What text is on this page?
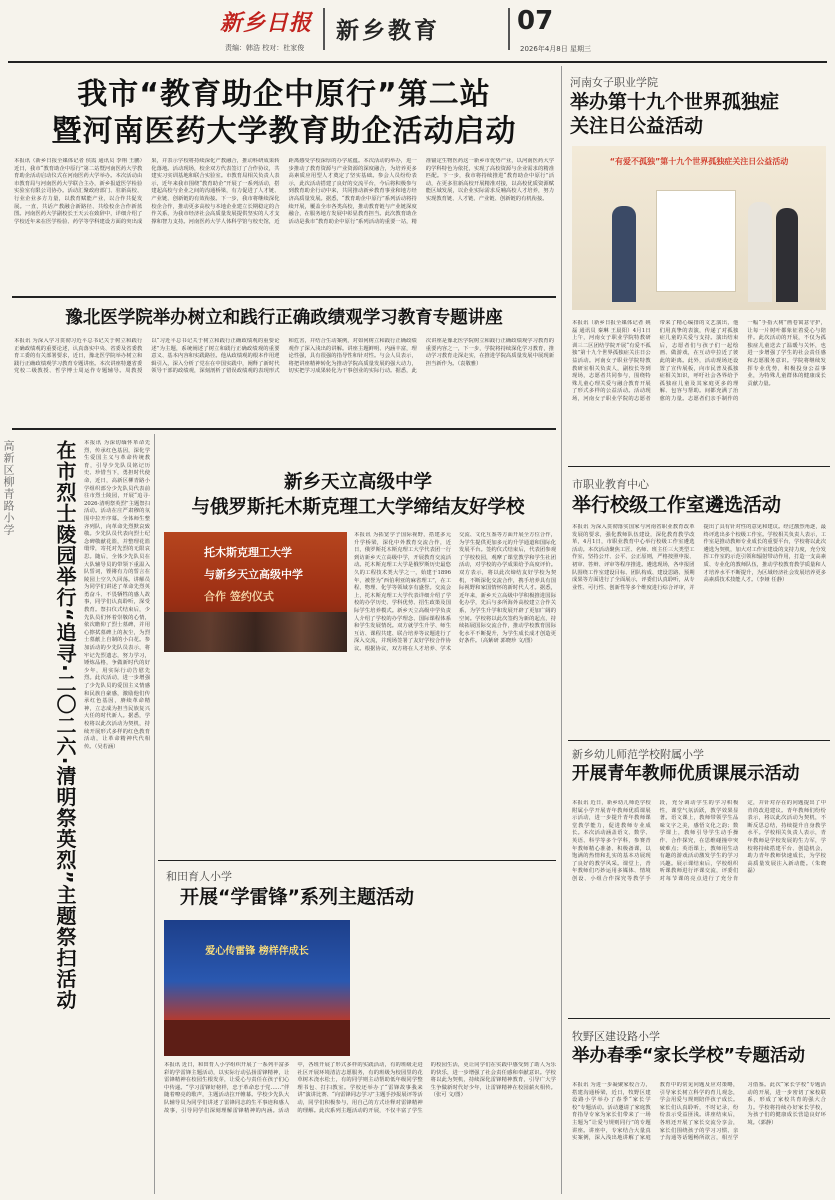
新乡日报
责编：韩浩 校对：杜家俊
新乡教育	07
2026年4月8日 星期三
我市“教育助企中原行”第二站
暨河南医药大学教育助企活动启动
本报讯（新乡日报全媒体记者 侯霞 通讯员 李翔 王鹏）近日，我市“教育助企中原行”第二站暨河南医药大学教育助企活动启动仪式在河南医药大学举办。本次活动由市教育局与河南医药大学联合主办，新乡报道医学检验实验室有限公司协办。活动汇聚政府部门、驻新高校、行业企业多方力量，以教育赋能产业，以合作共促发展。一直，共话产教融合新路径、共绘校企合作新蓝图。河南医药大学副校长王天云在致辞中，详细介绍了学校近年来在医学检验、药学等学科建设方面的突出成果，并表示学校将持续深化产教融合，推动科研成果转化落地。活动现场，校企双方代表签订了合作协议，共建实习实训基地和联合实验室。市教育局相关负责人表示，近年来我市围绕“教育助企”开展了一系列活动，搭建起高校与企业之间的沟通桥梁，有力促进了人才链、产业链、创新链的有效衔接。下一步，我市将继续深化校企合作，推动更多高校与本地企业建立长期稳定的合作关系，为我市经济社会高质量发展提供坚实的人才支撑和智力支持。河南医药大学人体科学馆与校史馆，近距离感受学校深厚的办学底蕴。本次活动的举办，进一步推动了教育资源与产业资源的深度融合，为培养更多高素质应用型人才奠定了坚实基础。参会人员纷纷表示，此次活动搭建了良好的交流平台，今后将积极参与到教育助企行动中来，共同推动新乡教育事业和地方经济高质量发展。据悉，“教育助企中原行”系列活动将持续开展，覆盖全市各类高校，推动教育链与产业链深度融合，在服务地方发展中彰显教育担当。此次教育助企活动是我市“教育助企中原行”系列活动的重要一站，精准锚定生物医药这一新乡市优势产业，以河南医药大学的学科特色为依托，实现了高校资源与企业需求的精准匹配。下一步，我市将持续推进“教育助企中原行”活动，在更多驻新高校开展精准对接，以高校优质资源赋能区域发展，以企业实际需求反哺高校人才培养，努力实现教育链、人才链、产业链、创新链的有机衔接。
豫北医学院举办树立和践行正确政绩观学习教育专题讲座
本报讯 为深入学习贯彻习近平总书记关于树立和践行正确政绩观的重要论述，认真落实中央、省委及省委教育工委的有关部署要求，近日，豫北医学院举办树立和践行正确政绩观学习教育专题讲座。本次讲座特邀省委党校二级教授、哲学博士周运作专题辅导。周教授以“习近平总书记关于树立和践行正确政绩观的重要论述”为主题，系统阐述了树立和践行正确政绩观的重要意义、基本内容和实践路径。他从政绩观的根本作用逻辑引入，深入分析了党在在中国实践中，阐释了新时代领导干部的政绩观，深刻剖析了错误政绩观的表现形式和危害，并结合生动案例，对如何树立和践行正确政绩观作了深入浅出的讲解。讲座主题鲜明、内涵丰富，理论性强，具有很强的指导性和针对性。与会人员表示，将把讲座精神转化为推动学院高质量发展的强大动力，切实把学习成果转化为干事创业的实际行动。据悉，此次讲座是豫北医学院树立和践行正确政绩观学习教育的重要内容之一，下一步，学院将持续深化学习教育，推动学习教育走深走实，在推进学院高质量发展中展现新担当新作为。（袁敬雅）
高新区柳青路小学	在市烈士陵园举行“追寻·二〇二六·清明祭英烈”主题祭扫活动 本报讯 为深切缅怀革命先烈，传承红色基因，深化学生爱国主义与革命传统教育，引导少先队员铭记历史、珍惜当下，勇担时代使命，近日，高新区柳青路小学组织部分少先队员代表前往市烈士陵园，开展“追寻·2026·清明祭英烈”主题祭扫活动。活动在庄严肃穆的氛围中拉开序幕。全体师生整齐列队，向革命先烈默哀致敬。少先队员代表向烈士纪念碑敬献花篮，并整理花篮缎带，寄托对先烈的无限哀思。随后，全体少先队员在大队辅导员的带领下重温入队誓词，铿锵有力的誓言在陵园上空久久回荡。讲解员为同学们讲述了革命先烈英勇奋斗、不畏牺牲的感人故事，同学们认真聆听，深受教育。祭扫仪式结束后，少先队员们怀着崇敬的心情，依次瞻仰了烈士墓碑，并用心擦拭墓碑上的灰尘，为烈士墓献上自制的小白花。参加活动的少先队员表示，将牢记先烈遗志，努力学习，锤炼品格，争做新时代的好少年，用实际行动告慰先烈。此次活动，进一步增强了少先队员的爱国主义情感和民族自豪感，激励他们传承红色基因，赓续革命精神，立志成为担当民族复兴大任的时代新人。据悉，学校将以此次活动为契机，持续开展形式多样的红色教育活动，让革命精神代代相传。（吴若涵）
新乡天立高级中学
与俄罗斯托木斯克理工大学缔结友好学校
托木斯克理工大学
与新乡天立高级中学
合作 签约仪式
本报讯 为拓宽学子国际视野，搭建多元升学桥梁，深化中外教育交流合作，近日，俄罗斯托木斯克理工大学代表团一行到访新乡天立高级中学，开展教育交流活动。托木斯克理工大学是俄罗斯历史最悠久的工程技术类大学之一，始建于1896年，被誉为“西伯利亚的麻省理工”，在工程、物理、化学等领域享有盛誉。交流会上，托木斯克理工大学代表详细介绍了学校的办学历史、学科优势、招生政策及国际学生培养模式。新乡天立高级中学负责人介绍了学校的办学理念、国际课程体系和学生发展情况。双方就学生升学、师生互访、课程共建、联合培养等议题进行了深入交流，并现场签署了友好学校合作协议。根据协议，双方将在人才培养、学术交流、文化互鉴等方面开展全方位合作，为学生提供更加多元的升学通道和国际化发展平台。签约仪式结束后，代表团参观了学校校园，观摩了课堂教学和学生社团活动，对学校的办学成果给予高度评价。双方表示，将以此次缔结友好学校为契机，不断深化交流合作，携手培养具有国际视野和家国情怀的新时代人才。据悉，近年来，新乡天立高级中学积极推进国际化办学，先后与多所海外高校建立合作关系，为学生升学和发展开辟了更加广阔的空间。学校将以此次签约为新的起点，持续拓展国际交流合作，推动学校教育国际化水平不断提升，为学生成长成才创造更好条件。（高紫研 郭晓珍 文/图）
和田育人小学
开展“学雷锋”系列主题活动
爱心传雷锋 榜样伴成长
本报讯 近日，和田育人小学组织开展了一系列丰富多彩的学雷锋主题活动，以实际行动弘扬雷锋精神，让雷锋精神在校园生根发芽，让爱心与责任在孩子们心中传递。“学习雷锋好榜样，忠于革命忠于党……”伴随着嘹亮的歌声，主题活动拉开帷幕。学校少先队大队辅导员为同学们讲述了雷锋同志的生平事迹和感人故事，引导同学们深刻理解雷锋精神的内涵。活动中，各班开展了形式多样的实践活动，有的班级走进社区开展环境清洁志愿服务，有的班级为校园里的花草树木浇水松土，有的同学则主动帮助低年级同学整理书包、打扫教室。学校还举办了“雷锋故事我来讲”演讲比赛、“向雷锋同志学习”主题手抄报展评等活动，同学们积极参与，用自己的方式诠释对雷锋精神的理解。此次系列主题活动的开展，不仅丰富了学生的校园生活，更让同学们在实践中感受到了助人为乐的快乐，进一步增强了社会责任感和奉献意识。学校将以此为契机，持续深化雷锋精神教育，引导广大学生争做新时代好少年，让雷锋精神在校园薪火相传。（张可 文/图）
河南女子职业学院
举办第十九个世界孤独症
关注日公益活动
“有爱不孤独”第十九个世界孤独症关注日公益活动
本报讯（新乡日报全媒体记者 姚磊 通讯员 秦琳 王晨阳）4月1日上午，河南女子职业学院特教研训三二区团结学院开展“有爱不孤独”第十九个世界孤独症关注日公益活动。河南女子职业学院特教教研室相关负责人，副校长等到现场，志愿者共同参与，围绕特殊儿童心理关爱与融合教育开展了形式多样的公益活动。活动现场，河南女子职业学院的志愿者带来了精心编排的文艺演出，他们用真挚的表演，传递了对孤独症儿童的关爱与支持。演出结束后，志愿者们与孩子们一起绘画、做游戏，在互动中拉近了彼此的距离。此外，活动现场还设置了宣传展板，向市民普及孤独症相关知识，呼吁社会各界给予孤独症儿童及其家庭更多的理解、包容与帮助。间都充满了治愈的力量。志愿者们亲手制作的一幅“手指大树”画卷寓意守护，让每一片树叶都象征着爱心与陪伴。此次活动的开展，不仅为孤独症儿童送去了温暖与关怀，也进一步增强了学生的社会责任感和志愿服务意识。学院将继续发挥专业优势，积极投身公益事业，为特殊儿童群体的健康成长贡献力量。
市职业教育中心
举行校级工作室遴选活动
本报讯 为深入贯彻落实国家与河南省职业教育改革发展的要求，强化教师队伍建设，深化教育教学改革，4月1日，市职业教育中心举行校级工作室遴选活动。本次活动聚焦工匠、名师、班主任三大类型工作室，坚持公开、公平、公正原则，严格按照申报、初审、答辩、评审等程序推进。遴选现场，各申报团队围绕工作室建设目标、团队构成、建设思路、预期成果等方面进行了全面展示，评委们认真聆听，从专业性、可行性、创新性等多个维度进行综合评审，并提出了具有针对性的意见和建议。经过激烈角逐，最终评选出多个校级工作室。学校相关负责人表示，工作室是推动教师专业成长的重要平台，学校将以此次遴选为契机，加大对工作室建设的支持力度，充分发挥工作室的示范引领和辐射带动作用，打造一支高素质、专业化的教师队伍，推动学校教育教学质量和人才培养水平不断提升，为区域经济社会发展培养更多高素质技术技能人才。（李娅 任静）
新乡幼儿师范学校附属小学
开展青年教师优质课展示活动
本报讯 近日，新乡幼儿师范学校附属小学开展青年教师优质课展示活动，进一步提升青年教师课堂教学能力，促进教师专业成长。本次活动涵盖语文、数学、英语、科学等多个学科，参赛青年教师精心准备、积极备课，以饱满的热情和扎实的基本功展现了良好的教学风采。课堂上，青年教师们巧妙运用多媒体、情境创设、小组合作探究等教学手段，充分调动学生的学习积极性，课堂气氛活跃，教学效果显著。语文课上，教师带领学生品味文字之美，感悟文化之韵；数学课上，教师引导学生动手操作、合作探究，在思维碰撞中突破难点；英语课上，教师用生动有趣的游戏活动激发学生的学习兴趣。展示课结束后，学校组织听课教师进行评课交流，评委们对每节课的亮点进行了充分肯定，并针对存在的问题提出了中肯的改进建议。青年教师们纷纷表示，将以此次活动为契机，不断反思总结，持续提升自身教学水平。学校相关负责人表示，青年教师是学校发展的生力军，学校将持续搭建平台、创造机会，助力青年教师快速成长，为学校高质量发展注入新动能。（朱晓磊）
牧野区建设路小学
举办春季“家长学校”专题活动
本报讯 为进一步凝聚家校合力，搭建沟通桥梁，近日，牧野区建设路小学举办了春季“家长学校”专题活动。活动邀请了家庭教育指导专家为家长们带来了一场主题为“让爱与规则同行”的专题讲座。讲座中，专家结合大量真实案例，深入浅出地讲解了家庭教育中的常见问题及应对策略，引导家长树立科学的育儿观念，学会用爱与规则陪伴孩子成长。家长们认真聆听，不时记录，纷纷表示受益匪浅。讲座结束后，各班还开展了家长交流分享会，家长们围绕孩子的学习习惯、亲子沟通等话题畅所欲言，相互学习借鉴。此次“家长学校”专题活动的开展，进一步密切了家校联系，形成了家校共育的强大合力。学校将持续办好家长学校，为孩子们的健康成长营造良好环境。（郭静）
